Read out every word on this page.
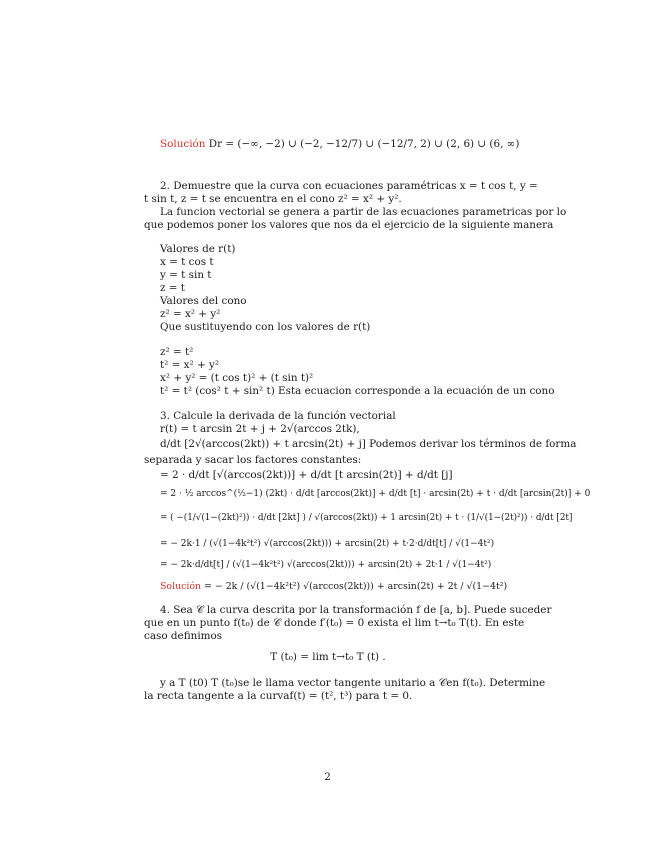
Solución Dr = (−∞, −2) ∪ (−2, −12/7) ∪ (−12/7, 2) ∪ (2, 6) ∪ (6, ∞)
2. Demuestre que la curva con ecuaciones paramétricas x = t cos t, y =
t sin t, z = t se encuentra en el cono z² = x² + y².
La funcion vectorial se genera a partir de las ecuaciones parametricas por lo
que podemos poner los valores que nos da el ejercicio de la siguiente manera
Valores de r(t)
x = t cos t
y = t sin t
z = t
Valores del cono
z² = x² + y²
Que sustituyendo con los valores de r(t)
z² = t²
t² = x² + y²
x² + y² = (t cos t)² + (t sin t)²
t² = t² (cos² t + sin² t) Esta ecuacion corresponde a la ecuación de un cono
3. Calcule la derivada de la función vectorial
r(t) = t arcsin 2t + j + 2√(arccos 2tk),
d/dt [2√(arccos(2kt)) + t arcsin(2t) + j] Podemos derivar los términos de forma
separada y sacar los factores constantes:
= 2 · d/dt [√(arccos(2kt))] + d/dt [t arcsin(2t)] + d/dt [j]
= 2 · ½ arccos^(½−1) (2kt) · d/dt [arccos(2kt)] + d/dt [t] · arcsin(2t) + t · d/dt [arcsin(2t)] + 0
= ( −(1/√(1−(2kt)²)) · d/dt [2kt] ) / √(arccos(2kt)) + 1 arcsin(2t) + t · (1/√(1−(2t)²)) · d/dt [2t]
= − 2k·1 / (√(1−4k²t²) √(arccos(2kt))) + arcsin(2t) + t·2·d/dt[t] / √(1−4t²)
= − 2k·d/dt[t] / (√(1−4k²t²) √(arccos(2kt))) + arcsin(2t) + 2t·1 / √(1−4t²)
Solución = − 2k / (√(1−4k²t²) √(arccos(2kt))) + arcsin(2t) + 2t / √(1−4t²)
4. Sea 𝒞 la curva descrita por la transformación f de [a, b]. Puede suceder
que en un punto f(t₀) de 𝒞 donde f′(t₀) = 0 exista el lim t→t₀ T(t). En este
caso definimos
T (t₀) = lim t→t₀ T (t) .
y a T (t0) T (t₀)se le llama vector tangente unitario a 𝒞en f(t₀). Determine
la recta tangente a la curvaf(t) = (t², t³) para t = 0.
2
